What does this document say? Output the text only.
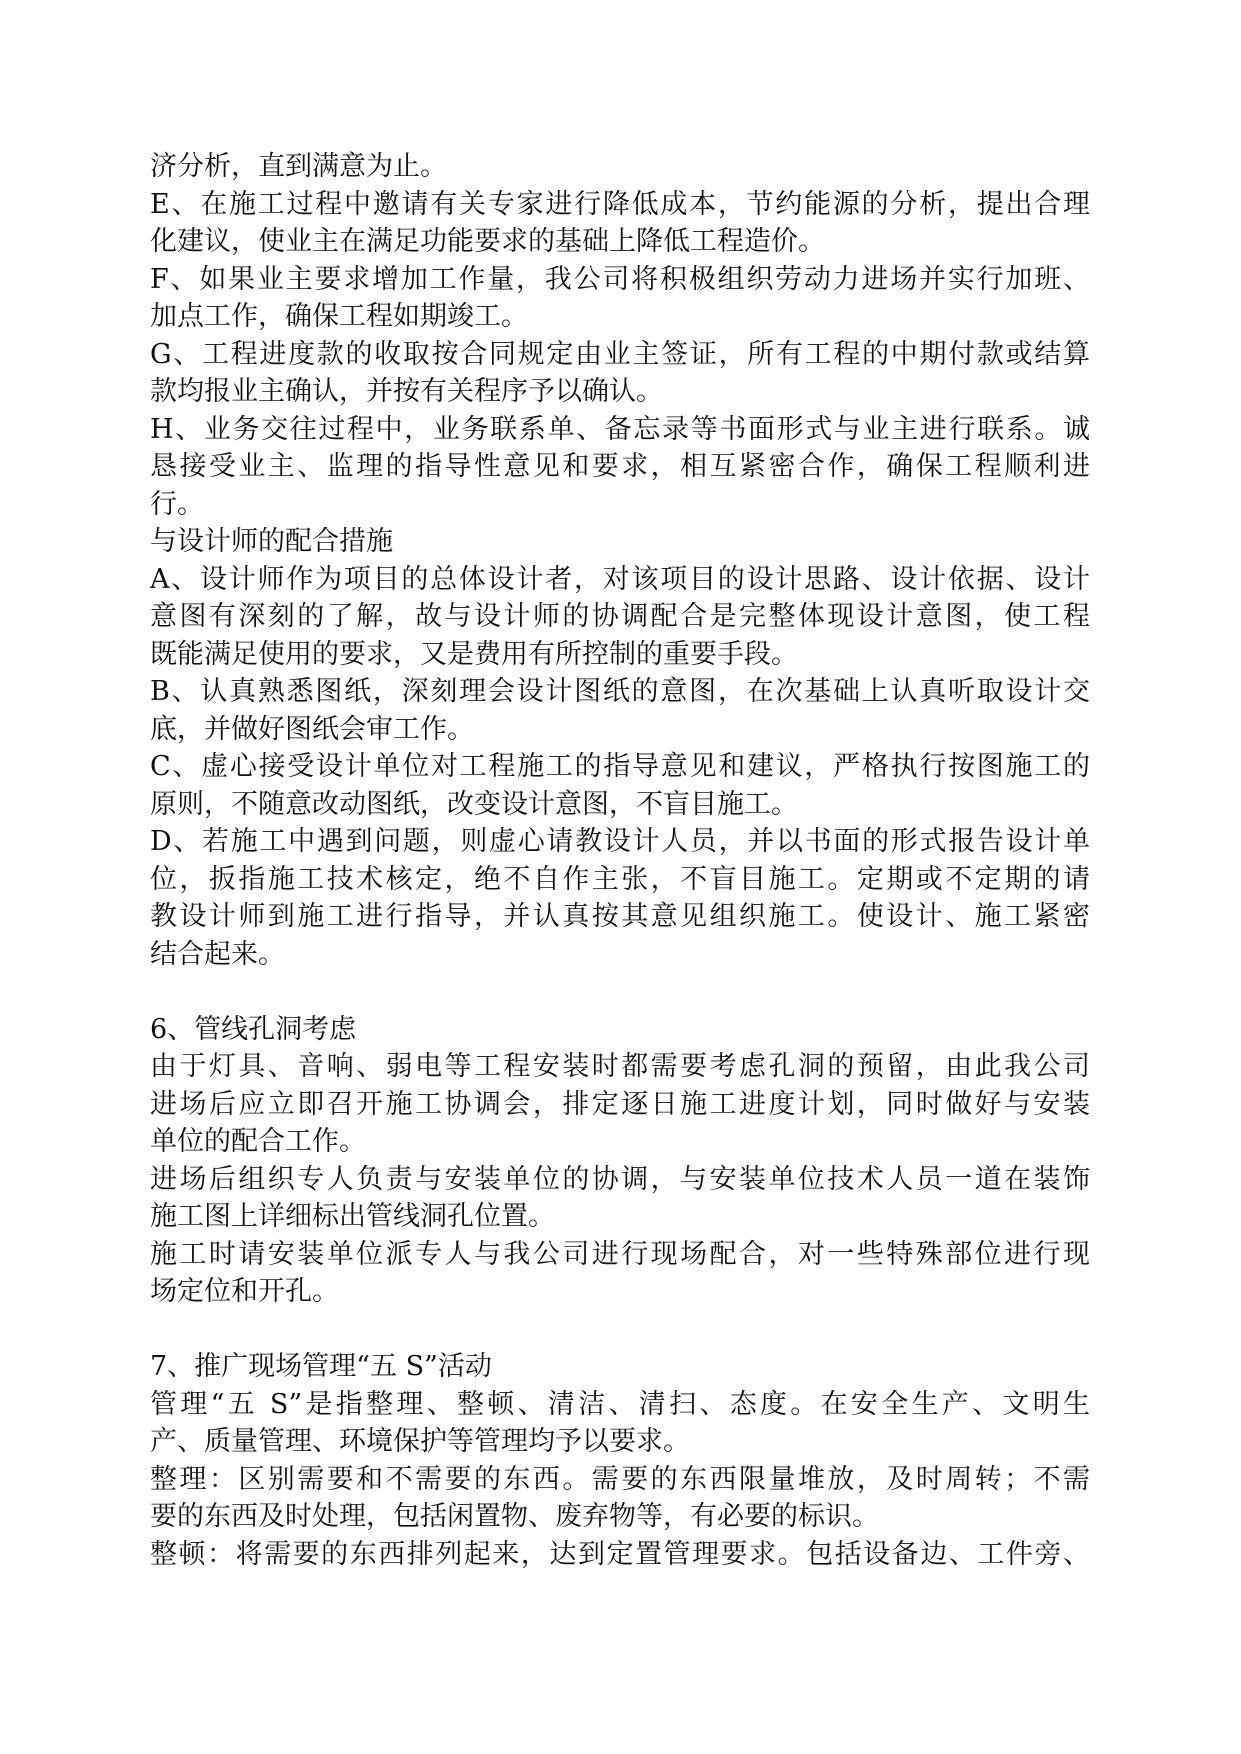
济分析，直到满意为止。
E、在施工过程中邀请有关专家进行降低成本，节约能源的分析，提出合理
化建议，使业主在满足功能要求的基础上降低工程造价。
F、如果业主要求增加工作量，我公司将积极组织劳动力进场并实行加班、
加点工作，确保工程如期竣工。
G、工程进度款的收取按合同规定由业主签证，所有工程的中期付款或结算
款均报业主确认，并按有关程序予以确认。
H、业务交往过程中，业务联系单、备忘录等书面形式与业主进行联系。诚
恳接受业主、监理的指导性意见和要求，相互紧密合作，确保工程顺利进
行。
与设计师的配合措施
A、设计师作为项目的总体设计者，对该项目的设计思路、设计依据、设计
意图有深刻的了解，故与设计师的协调配合是完整体现设计意图，使工程
既能满足使用的要求，又是费用有所控制的重要手段。
B、认真熟悉图纸，深刻理会设计图纸的意图，在次基础上认真听取设计交
底，并做好图纸会审工作。
C、虚心接受设计单位对工程施工的指导意见和建议，严格执行按图施工的
原则，不随意改动图纸，改变设计意图，不盲目施工。
D、若施工中遇到问题，则虚心请教设计人员，并以书面的形式报告设计单
位，扳指施工技术核定，绝不自作主张，不盲目施工。定期或不定期的请
教设计师到施工进行指导，并认真按其意见组织施工。使设计、施工紧密
结合起来。
6、管线孔洞考虑
由于灯具、音响、弱电等工程安装时都需要考虑孔洞的预留，由此我公司
进场后应立即召开施工协调会，排定逐日施工进度计划，同时做好与安装
单位的配合工作。
进场后组织专人负责与安装单位的协调，与安装单位技术人员一道在装饰
施工图上详细标出管线洞孔位置。
施工时请安装单位派专人与我公司进行现场配合，对一些特殊部位进行现
场定位和开孔。
7、推广现场管理“五 S”活动
管理“五 S”是指整理、整顿、清洁、清扫、态度。在安全生产、文明生
产、质量管理、环境保护等管理均予以要求。
整理：区别需要和不需要的东西。需要的东西限量堆放，及时周转；不需
要的东西及时处理，包括闲置物、废弃物等，有必要的标识。
整顿：将需要的东西排列起来，达到定置管理要求。包括设备边、工件旁、
